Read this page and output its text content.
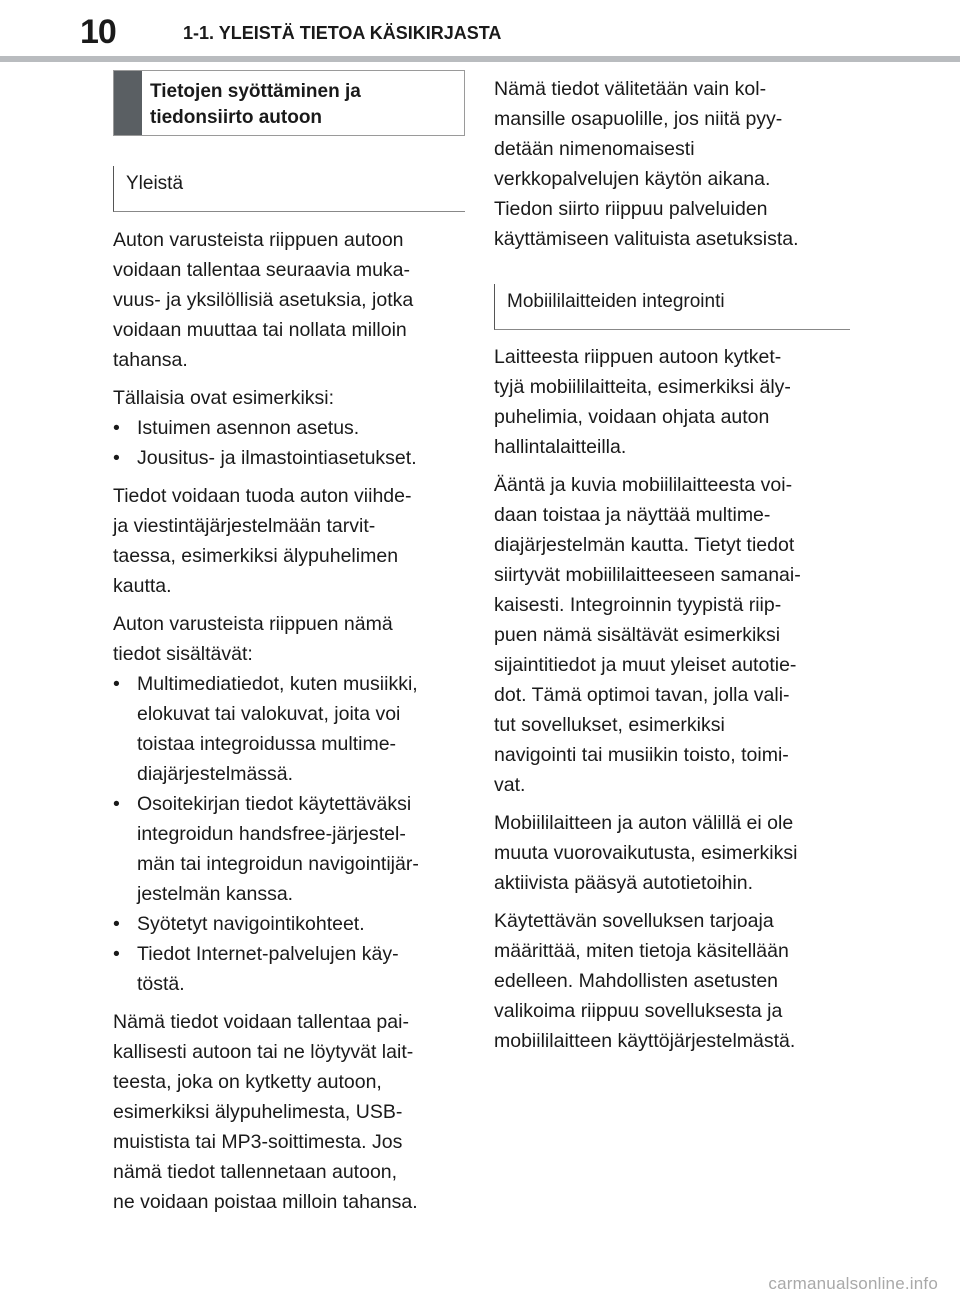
10	1-1. YLEISTÄ TIETOA KÄSIKIRJASTA
Tietojen syöttäminen ja
tiedonsiirto autoon
Yleistä
Auton varusteista riippuen autoon
voidaan tallentaa seuraavia muka-
vuus- ja yksilöllisiä asetuksia, jotka
voidaan muuttaa tai nollata milloin
tahansa.
Tällaisia ovat esimerkiksi:
• Istuimen asennon asetus.
• Jousitus- ja ilmastointiasetukset.
Tiedot voidaan tuoda auton viihde-
ja viestintäjärjestelmään tarvit-
taessa, esimerkiksi älypuhelimen
kautta.
Auton varusteista riippuen nämä
tiedot sisältävät:
• Multimediatiedot, kuten musiikki,
elokuvat tai valokuvat, joita voi
toistaa integroidussa multime-
diajärjestelmässä.
• Osoitekirjan tiedot käytettäväksi
integroidun handsfree-järjestel-
män tai integroidun navigointijär-
jestelmän kanssa.
• Syötetyt navigointikohteet.
• Tiedot Internet-palvelujen käy-
töstä.
Nämä tiedot voidaan tallentaa pai-
kallisesti autoon tai ne löytyvät lait-
teesta, joka on kytketty autoon,
esimerkiksi älypuhelimesta, USB-
muistista tai MP3-soittimesta. Jos
nämä tiedot tallennetaan autoon,
ne voidaan poistaa milloin tahansa.
Nämä tiedot välitetään vain kol-
mansille osapuolille, jos niitä pyy-
detään nimenomaisesti
verkkopalvelujen käytön aikana.
Tiedon siirto riippuu palveluiden
käyttämiseen valituista asetuksista.
Mobiililaitteiden integrointi
Laitteesta riippuen autoon kytket-
tyjä mobiililaitteita, esimerkiksi äly-
puhelimia, voidaan ohjata auton
hallintalaitteilla.
Ääntä ja kuvia mobiililaitteesta voi-
daan toistaa ja näyttää multime-
diajärjestelmän kautta. Tietyt tiedot
siirtyvät mobiililaitteeseen samanai-
kaisesti. Integroinnin tyypistä riip-
puen nämä sisältävät esimerkiksi
sijaintitiedot ja muut yleiset autotie-
dot. Tämä optimoi tavan, jolla vali-
tut sovellukset, esimerkiksi
navigointi tai musiikin toisto, toimi-
vat.
Mobiililaitteen ja auton välillä ei ole
muuta vuorovaikutusta, esimerkiksi
aktiivista pääsyä autotietoihin.
Käytettävän sovelluksen tarjoaja
määrittää, miten tietoja käsitellään
edelleen. Mahdollisten asetusten
valikoima riippuu sovelluksesta ja
mobiililaitteen käyttöjärjestelmästä.
carmanualsonline.info
